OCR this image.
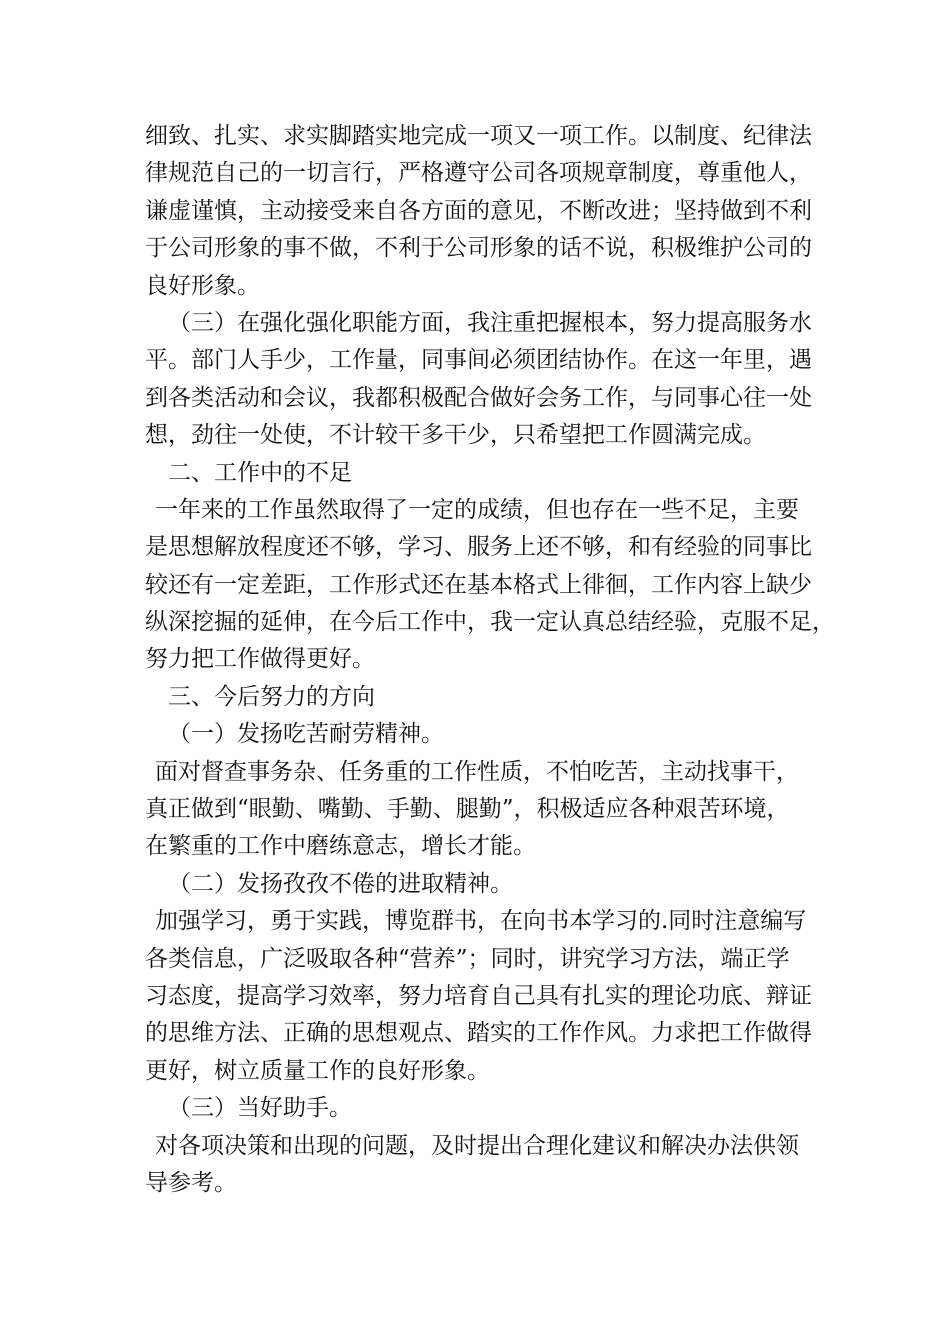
细致、扎实、求实脚踏实地完成一项又一项工作。以制度、纪律法
律规范自己的一切言行，严格遵守公司各项规章制度，尊重他人，
谦虚谨慎，主动接受来自各方面的意见，不断改进；坚持做到不利
于公司形象的事不做，不利于公司形象的话不说，积极维护公司的
良好形象。
（三）在强化强化职能方面，我注重把握根本，努力提高服务水
平。部门人手少，工作量，同事间必须团结协作。在这一年里，遇
到各类活动和会议，我都积极配合做好会务工作，与同事心往一处
想，劲往一处使，不计较干多干少，只希望把工作圆满完成。
二、工作中的不足
一年来的工作虽然取得了一定的成绩，但也存在一些不足，主要
是思想解放程度还不够，学习、服务上还不够，和有经验的同事比
较还有一定差距，工作形式还在基本格式上徘徊，工作内容上缺少
纵深挖掘的延伸，在今后工作中，我一定认真总结经验，克服不足，
努力把工作做得更好。
三、今后努力的方向
（一）发扬吃苦耐劳精神。
面对督查事务杂、任务重的工作性质，不怕吃苦，主动找事干，
真正做到“眼勤、嘴勤、手勤、腿勤”，积极适应各种艰苦环境，
在繁重的工作中磨练意志，增长才能。
（二）发扬孜孜不倦的进取精神。
加强学习，勇于实践，博览群书，在向书本学习的.同时注意编写
各类信息，广泛吸取各种“营养”；同时，讲究学习方法，端正学
习态度，提高学习效率，努力培育自己具有扎实的理论功底、辩证
的思维方法、正确的思想观点、踏实的工作作风。力求把工作做得
更好，树立质量工作的良好形象。
（三）当好助手。
对各项决策和出现的问题，及时提出合理化建议和解决办法供领
导参考。
